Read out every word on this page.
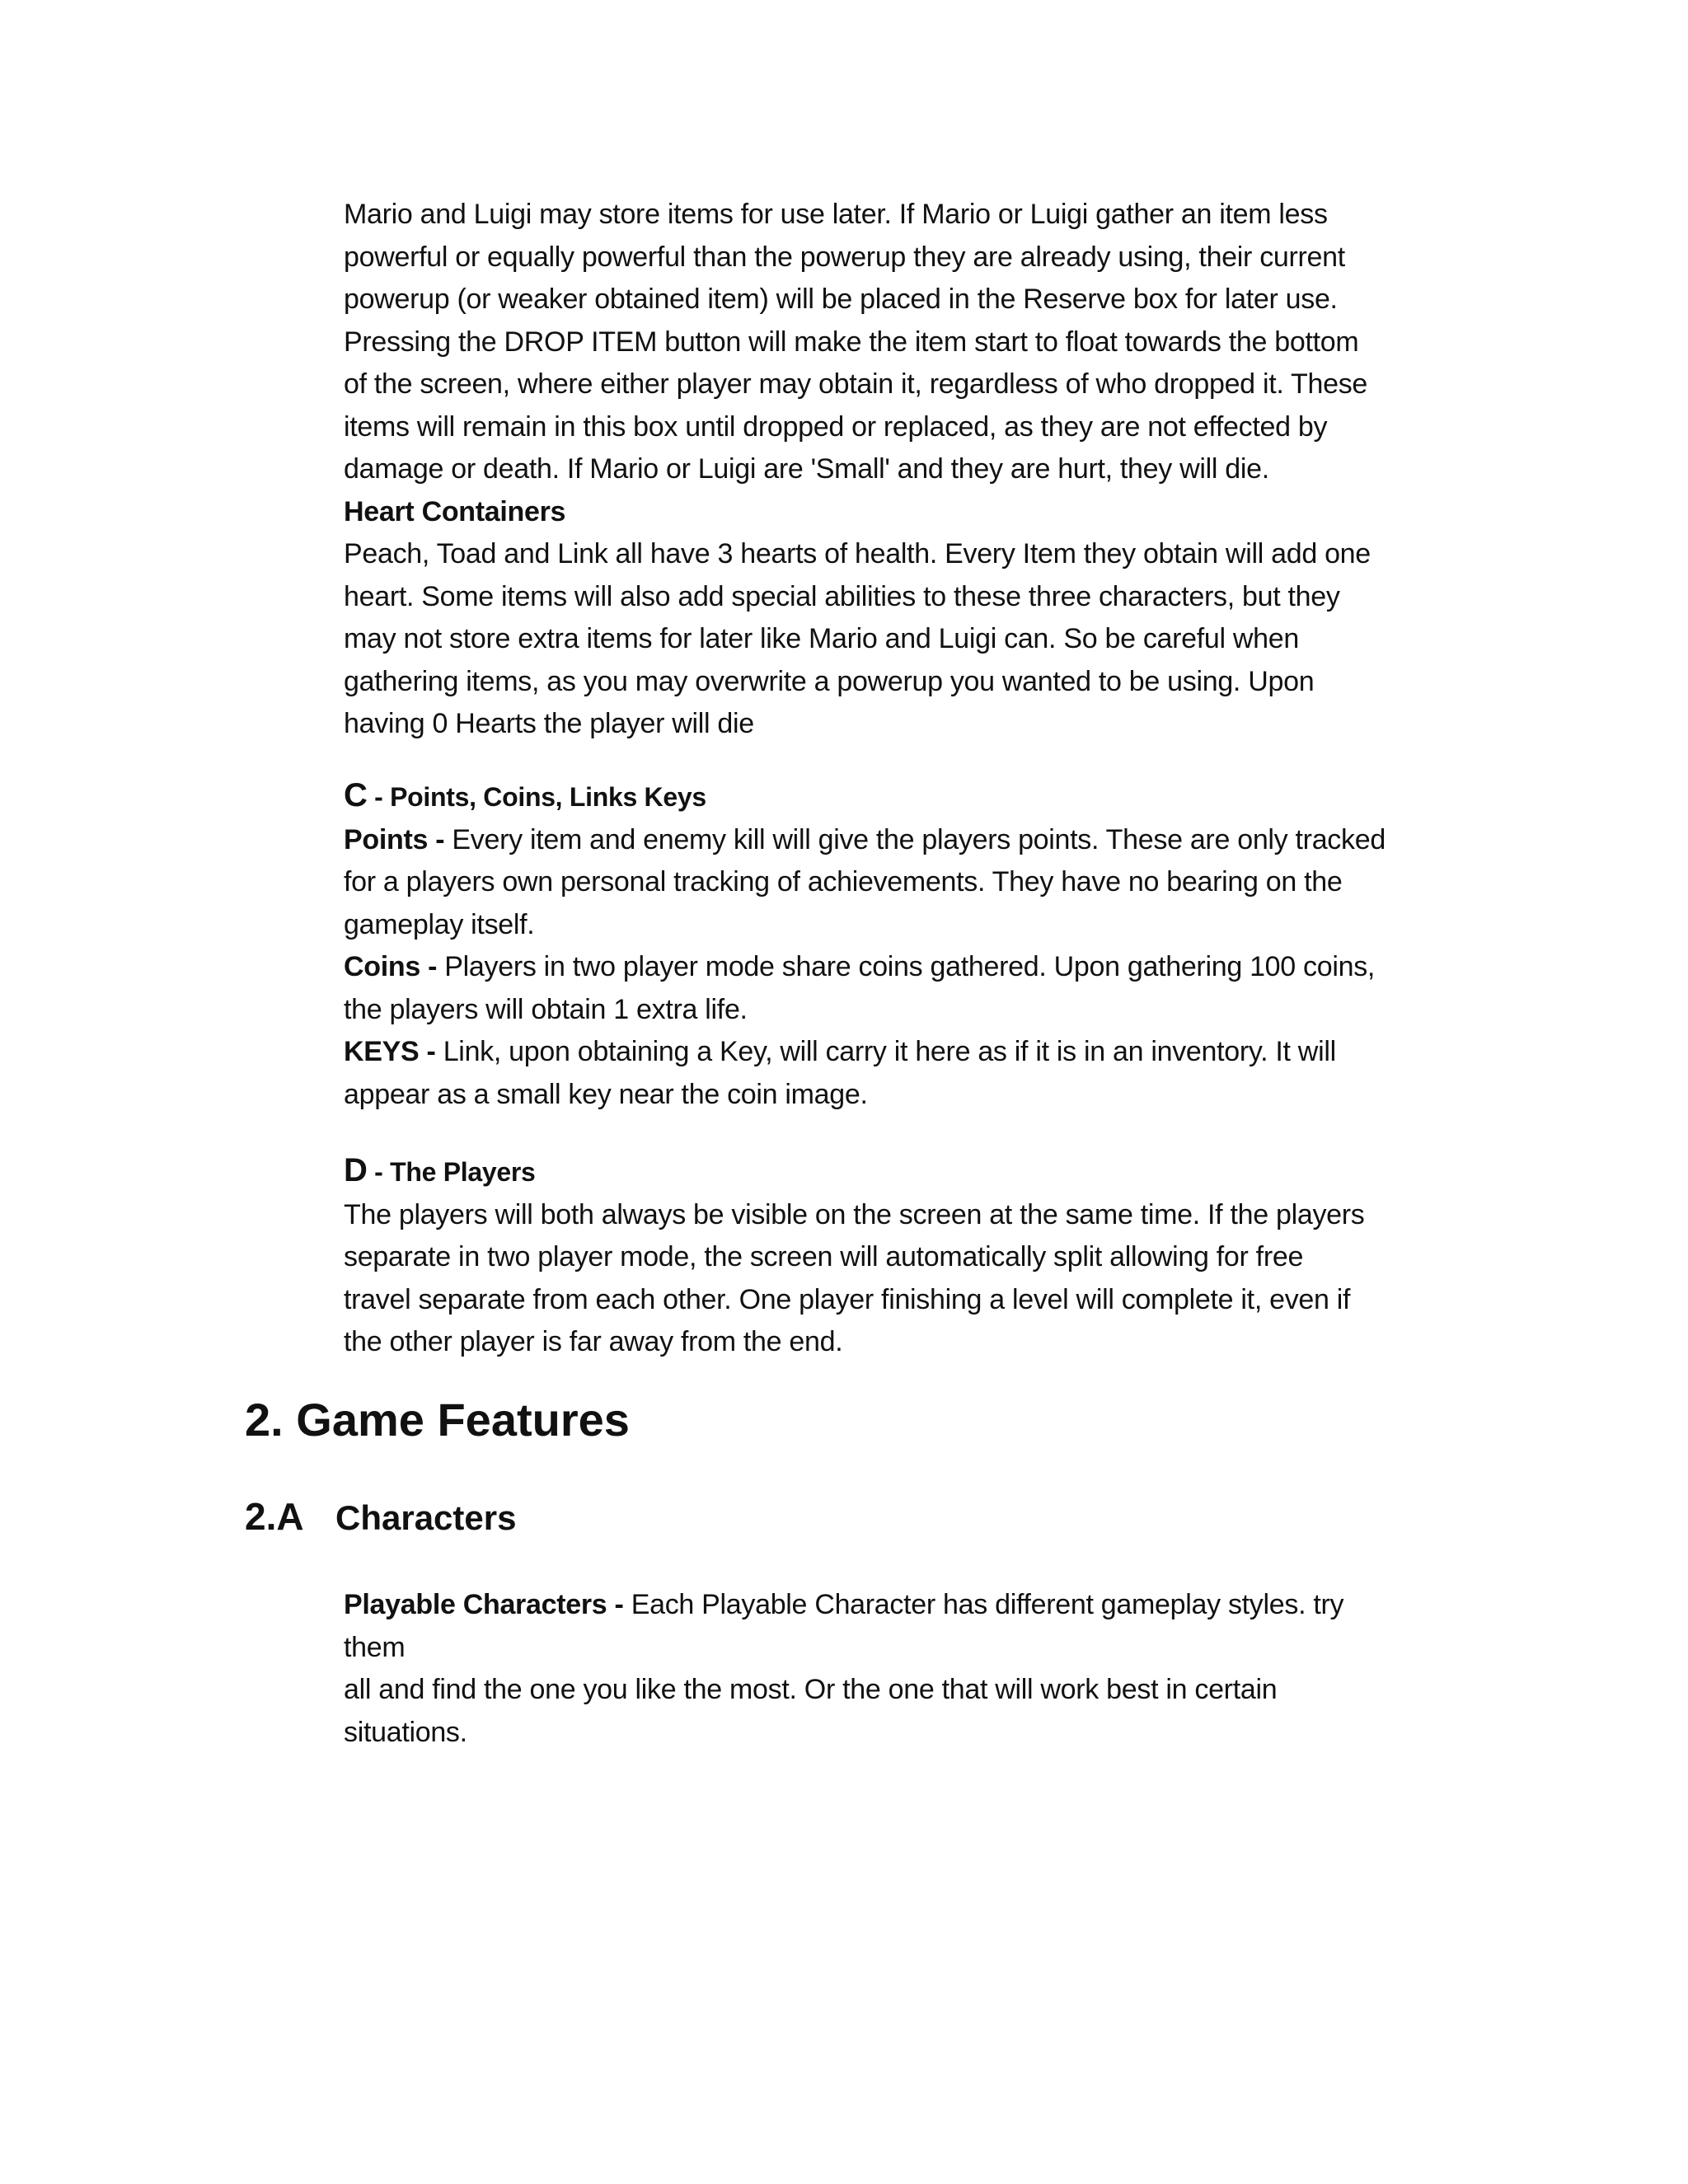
Mario and Luigi may store items for use later. If Mario or Luigi gather an item less

powerful or equally powerful than the powerup they are already using, their current

powerup (or weaker obtained item) will be placed in the Reserve box for later use.

Pressing the DROP ITEM button will make the item start to float towards the bottom

of the screen, where either player may obtain it, regardless of who dropped it. These

items will remain in this box until dropped or replaced, as they are not effected by

damage or death. If Mario or Luigi are 'Small' and they are hurt, they will die.

Heart Containers

Peach, Toad and Link all have 3 hearts of health. Every Item they obtain will add one

heart. Some items will also add special abilities to these three characters, but they

may not store extra items for later like Mario and Luigi can. So be careful when

gathering items, as you may overwrite a powerup you wanted to be using. Upon

having 0 Hearts the player will die

C - Points, Coins, Links Keys

Points - Every item and enemy kill will give the players points. These are only tracked

for a players own personal tracking of achievements. They have no bearing on the

gameplay itself.

Coins - Players in two player mode share coins gathered. Upon gathering 100 coins,

the players will obtain 1 extra life.

KEYS - Link, upon obtaining a Key, will carry it here as if it is in an inventory. It will

appear as a small key near the coin image.

D - The Players

The players will both always be visible on the screen at the same time. If the players

separate in two player mode, the screen will automatically split allowing for free

travel separate from each other. One player finishing a level will complete it, even if

the other player is far away from the end.

2. Game Features
2.A Characters

Playable Characters - Each Playable Character has different gameplay styles. try them

all and find the one you like the most. Or the one that will work best in certain

situations.
